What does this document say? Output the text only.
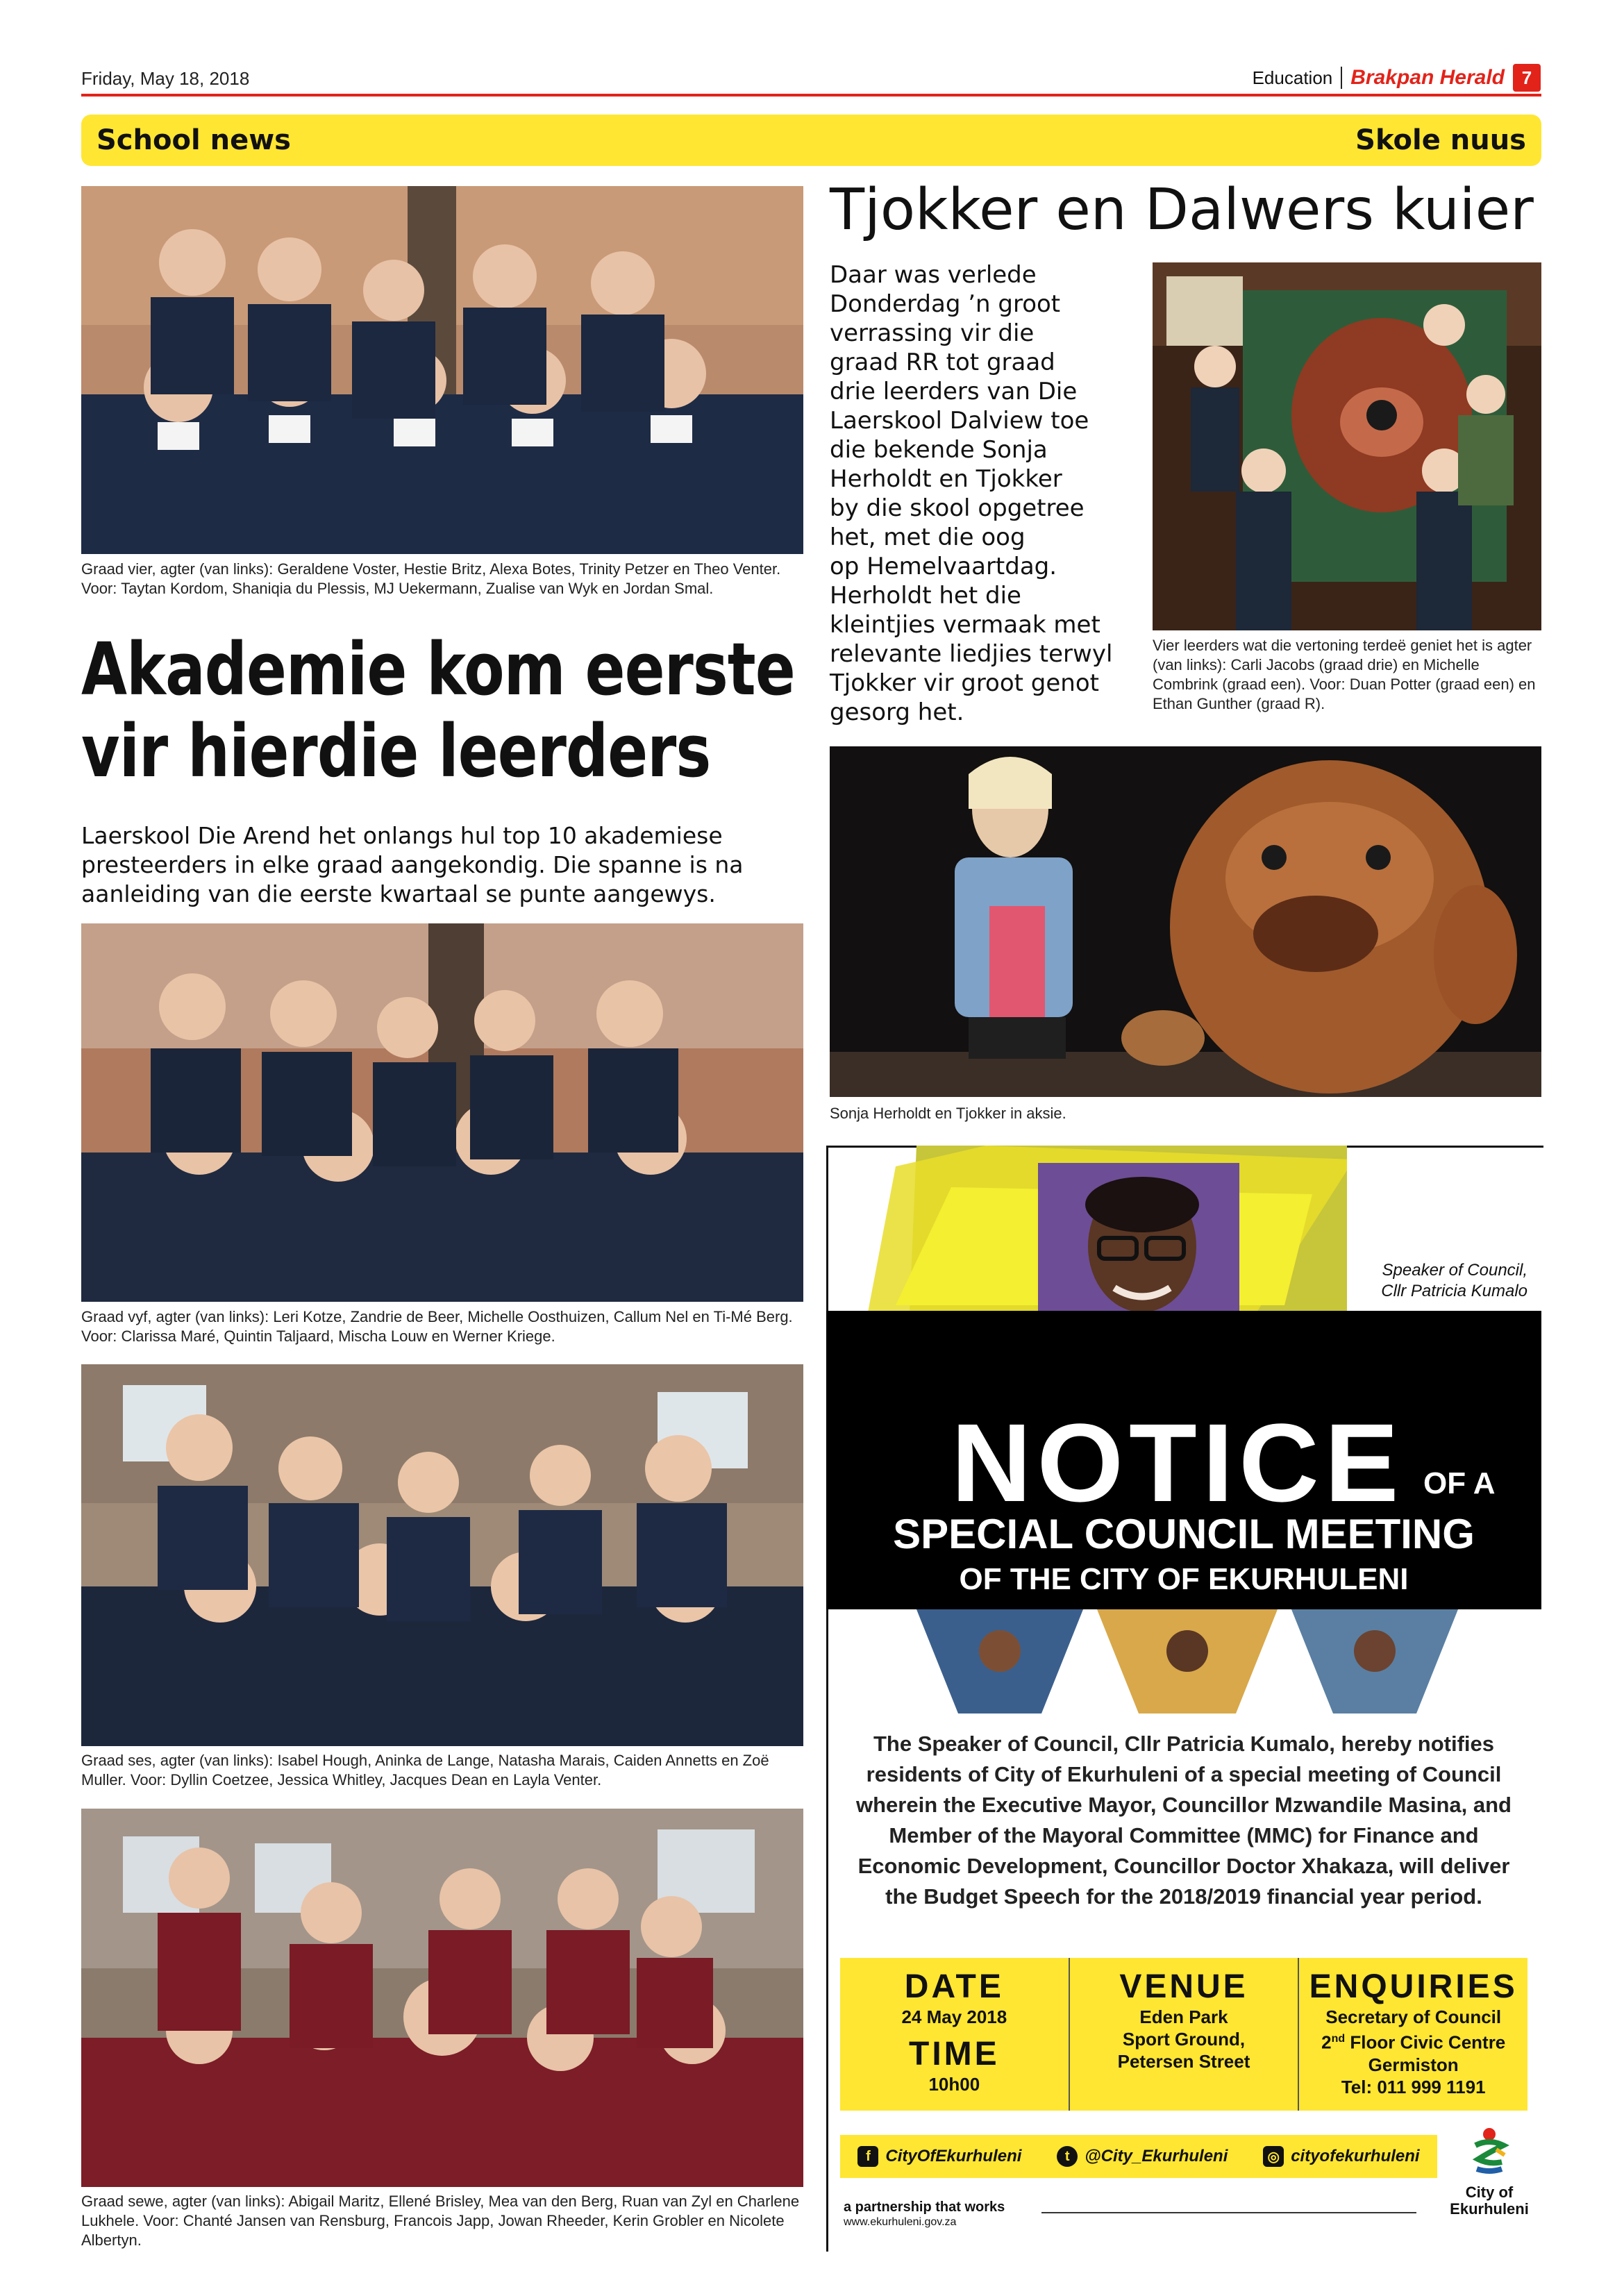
Friday, May 18, 2018	Education Brakpan Herald 7
School news	Skole nuus
Graad vier, agter (van links): Geraldene Voster, Hestie Britz, Alexa Botes, Trinity Petzer en Theo Venter. Voor: Taytan Kordom, Shaniqia du Plessis, MJ Uekermann, Zualise van Wyk en Jordan Smal.
Akademie kom eerste
vir hierdie leerders
Laerskool Die Arend het onlangs hul top 10 akademiese presteerders in elke graad aangekondig. Die spanne is na aanleiding van die eerste kwartaal se punte aangewys.
Graad vyf, agter (van links): Leri Kotze, Zandrie de Beer, Michelle Oosthuizen, Callum Nel en Ti-Mé Berg. Voor: Clarissa Maré, Quintin Taljaard, Mischa Louw en Werner Kriege.
Graad ses, agter (van links): Isabel Hough, Aninka de Lange, Natasha Marais, Caiden Annetts en Zoë Muller. Voor: Dyllin Coetzee, Jessica Whitley, Jacques Dean en Layla Venter.
Graad sewe, agter (van links): Abigail Maritz, Ellené Brisley, Mea van den Berg, Ruan van Zyl en Charlene Lukhele. Voor: Chanté Jansen van Rensburg, Francois Japp, Jowan Rheeder, Kerin Grobler en Nicolete Albertyn.
Tjokker en Dalwers kuier
Daar was verlede
Donderdag ’n groot
verrassing vir die
graad RR tot graad
drie leerders van Die
Laerskool Dalview toe
die bekende Sonja
Herholdt en Tjokker
by die skool opgetree
het, met die oog
op Hemelvaartdag.
Herholdt het die
kleintjies vermaak met
relevante liedjies terwyl
Tjokker vir groot genot
gesorg het.
Vier leerders wat die vertoning terdeë geniet het is agter (van links): Carli Jacobs (graad drie) en Michelle Combrink (graad een). Voor: Duan Potter (graad een) en Ethan Gunther (graad R).
Sonja Herholdt en Tjokker in aksie.
Speaker of Council,
Cllr Patricia Kumalo
NOTICE OF A
SPECIAL COUNCIL MEETING
OF THE CITY OF EKURHULENI
The Speaker of Council, Cllr Patricia Kumalo, hereby notifies residents of City of Ekurhuleni of a special meeting of Council wherein the Executive Mayor, Councillor Mzwandile Masina, and Member of the Mayoral Committee (MMC) for Finance and Economic Development, Councillor Doctor Xhakaza, will deliver the Budget Speech for the 2018/2019 financial year period.
DATE
24 May 2018
TIME
10h00
VENUE
Eden Park
Sport Ground,
Petersen Street
ENQUIRIES
Secretary of Council
2nd Floor Civic Centre
Germiston
Tel: 011 999 1191
f CityOfEkurhuleni	t @City_Ekurhuleni	◎ cityofekurhuleni
a partnership that works
www.ekurhuleni.gov.za
City of
Ekurhuleni
